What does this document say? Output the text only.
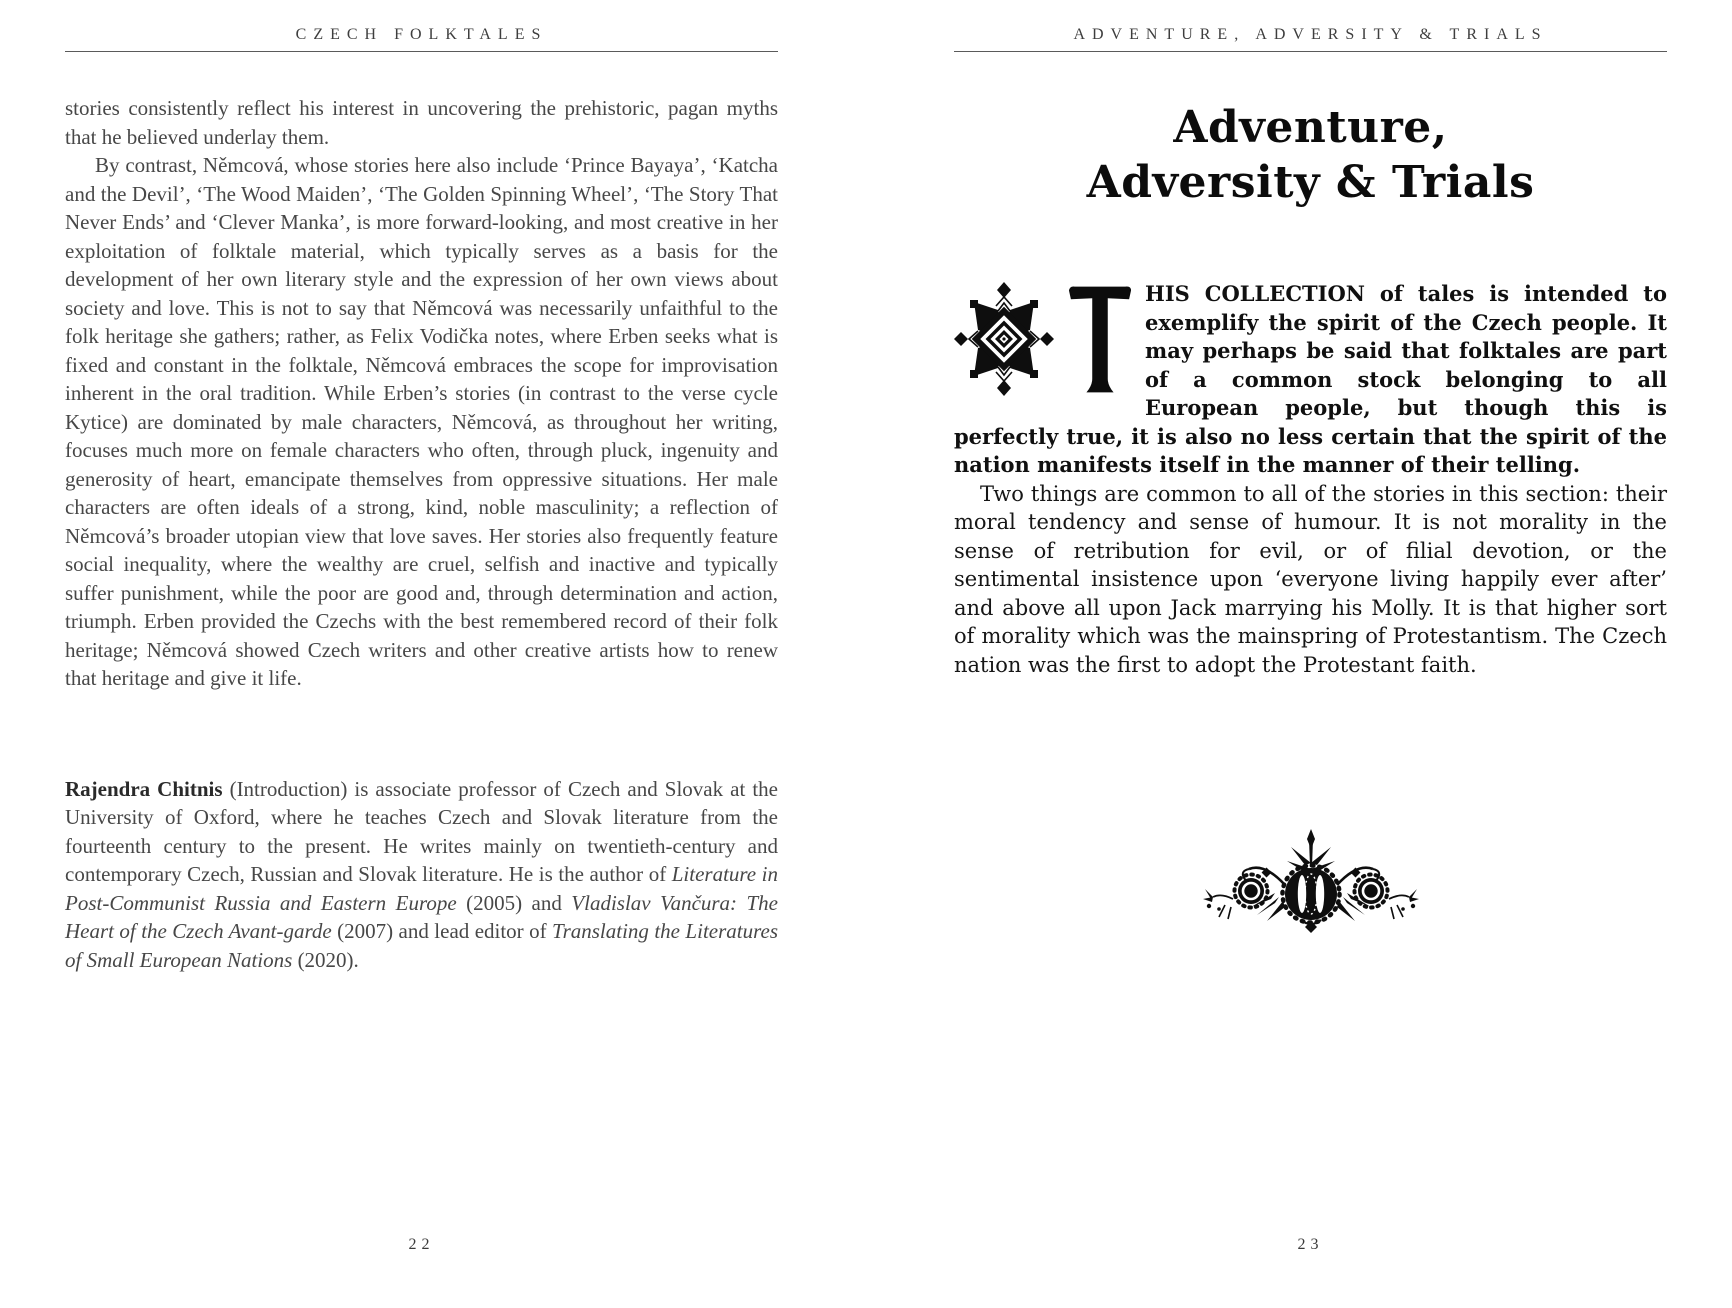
CZECH FOLKTALES

stories consistently reflect his interest in uncovering the prehistoric, pagan myths that he believed underlay them.

By contrast, Němcová, whose stories here also include ‘Prince Bayaya’, ‘Katcha and the Devil’, ‘The Wood Maiden’, ‘The Golden Spinning Wheel’, ‘The Story That Never Ends’ and ‘Clever Manka’, is more forward-looking, and most creative in her exploitation of folktale material, which typically serves as a basis for the development of her own literary style and the expression of her own views about society and love. This is not to say that Němcová was necessarily unfaithful to the folk heritage she gathers; rather, as Felix Vodička notes, where Erben seeks what is fixed and constant in the folktale, Němcová embraces the scope for improvisation inherent in the oral tradition. While Erben’s stories (in contrast to the verse cycle Kytice) are dominated by male characters, Němcová, as throughout her writing, focuses much more on female characters who often, through pluck, ingenuity and generosity of heart, emancipate themselves from oppressive situations. Her male characters are often ideals of a strong, kind, noble masculinity; a reflection of Němcová’s broader utopian view that love saves. Her stories also frequently feature social inequality, where the wealthy are cruel, selfish and inactive and typically suffer punishment, while the poor are good and, through determination and action, triumph. Erben provided the Czechs with the best remembered record of their folk heritage; Němcová showed Czech writers and other creative artists how to renew that heritage and give it life.

Rajendra Chitnis (Introduction) is associate professor of Czech and Slovak at the University of Oxford, where he teaches Czech and Slovak literature from the fourteenth century to the present. He writes mainly on twentieth-century and contemporary Czech, Russian and Slovak literature. He is the author of Literature in Post-Communist Russia and Eastern Europe (2005) and Vladislav Vančura: The Heart of the Czech Avant-garde (2007) and lead editor of Translating the Literatures of Small European Nations (2020).
22
ADVENTURE, ADVERSITY & TRIALS
Adventure,
Adversity & Trials

HIS COLLECTION of tales is intended to exemplify the spirit of the Czech people. It may perhaps be said that folktales are part of a common stock belonging to all European people, but though this is perfectly true, it is also no less certain that the spirit of the nation manifests itself in the manner of their telling.

Two things are common to all of the stories in this section: their moral tendency and sense of humour. It is not morality in the sense of retribution for evil, or of filial devotion, or the sentimental insistence upon ‘everyone living happily ever after’ and above all upon Jack marrying his Molly. It is that higher sort of morality which was the mainspring of Protestantism. The Czech nation was the first to adopt the Protestant faith.

23
